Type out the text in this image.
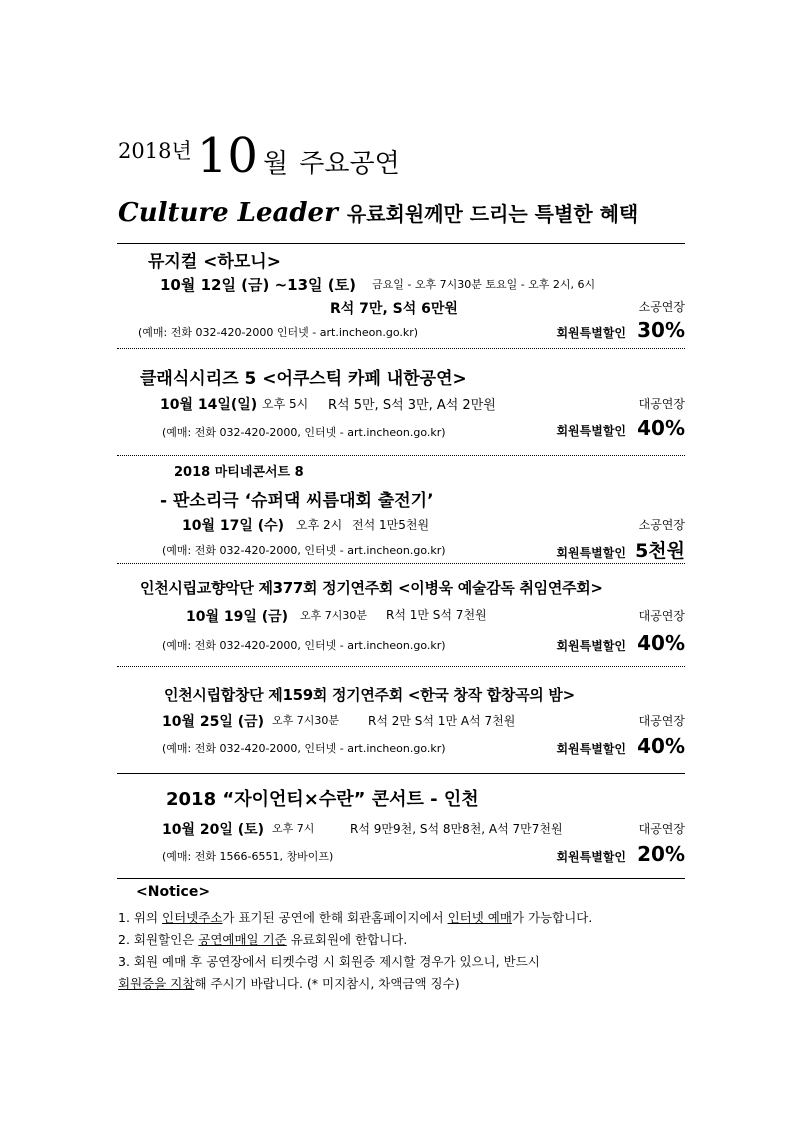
2018년 10 월 주요공연
Culture Leader 유료회원께만 드리는 특별한 혜택
뮤지컬 <하모니>
10월 12일 (금) ~13일 (토) 금요일 - 오후 7시30분 토요일 - 오후 2시, 6시
R석 7만, S석 6만원	소공연장
(예매: 전화 032-420-2000 인터넷 - art.incheon.go.kr)	회원특별할인 30%
클래식시리즈 5 <어쿠스틱 카페 내한공연>
10월 14일(일) 오후 5시 R석 5만, S석 3만, A석 2만원	대공연장
(예매: 전화 032-420-2000, 인터넷 - art.incheon.go.kr)	회원특별할인 40%
2018 마티네콘서트 8
- 판소리극 ‘슈퍼댁 씨름대회 출전기’
10월 17일 (수) 오후 2시 전석 1만5천원	소공연장
(예매: 전화 032-420-2000, 인터넷 - art.incheon.go.kr)	회원특별할인 5천원
인천시립교향악단 제377회 정기연주회 <이병욱 예술감독 취임연주회>
10월 19일 (금) 오후 7시30분 R석 1만 S석 7천원	대공연장
(예매: 전화 032-420-2000, 인터넷 - art.incheon.go.kr)	회원특별할인 40%
인천시립합창단 제159회 정기연주회 <한국 창작 합창곡의 밤>
10월 25일 (금) 오후 7시30분 R석 2만 S석 1만 A석 7천원	대공연장
(예매: 전화 032-420-2000, 인터넷 - art.incheon.go.kr)	회원특별할인 40%
2018 “자이언티×수란” 콘서트 - 인천
10월 20일 (토) 오후 7시	R석 9만9천, S석 8만8천, A석 7만7천원	대공연장
(예매: 전화 1566-6551, 창바이프)	회원특별할인 20%
<Notice>
1. 위의 인터넷주소가 표기된 공연에 한해 회관홈페이지에서 인터넷 예매가 가능합니다.
2. 회원할인은 공연예매일 기준 유료회원에 한합니다.
3. 회원 예매 후 공연장에서 티켓수령 시 회원증 제시할 경우가 있으니, 반드시
회원증을 지참해 주시기 바랍니다. (* 미지참시, 차액금액 징수)
